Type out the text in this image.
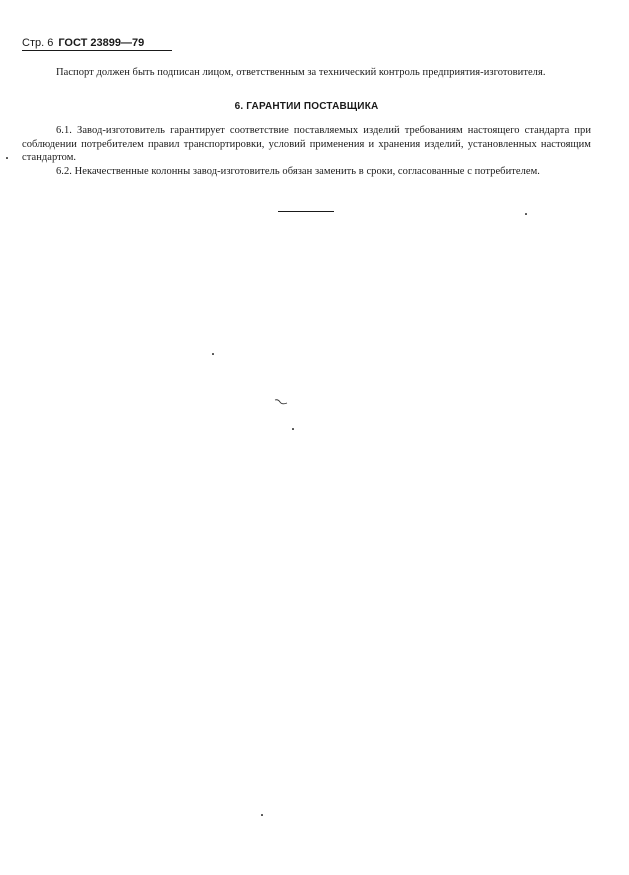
Стр. 6 ГОСТ 23899—79

Паспорт должен быть подписан лицом, ответственным за технический контроль предприятия-изготовителя.

6. ГАРАНТИИ ПОСТАВЩИКА

6.1. Завод-изготовитель гарантирует соответствие поставляемых изделий требованиям настоящего стандарта при соблюдении потребителем правил транспортировки, условий применения и хранения изделий, установленных настоящим стандартом.

6.2. Некачественные колонны завод-изготовитель обязан заменить в сроки, согласованные с потребителем.
